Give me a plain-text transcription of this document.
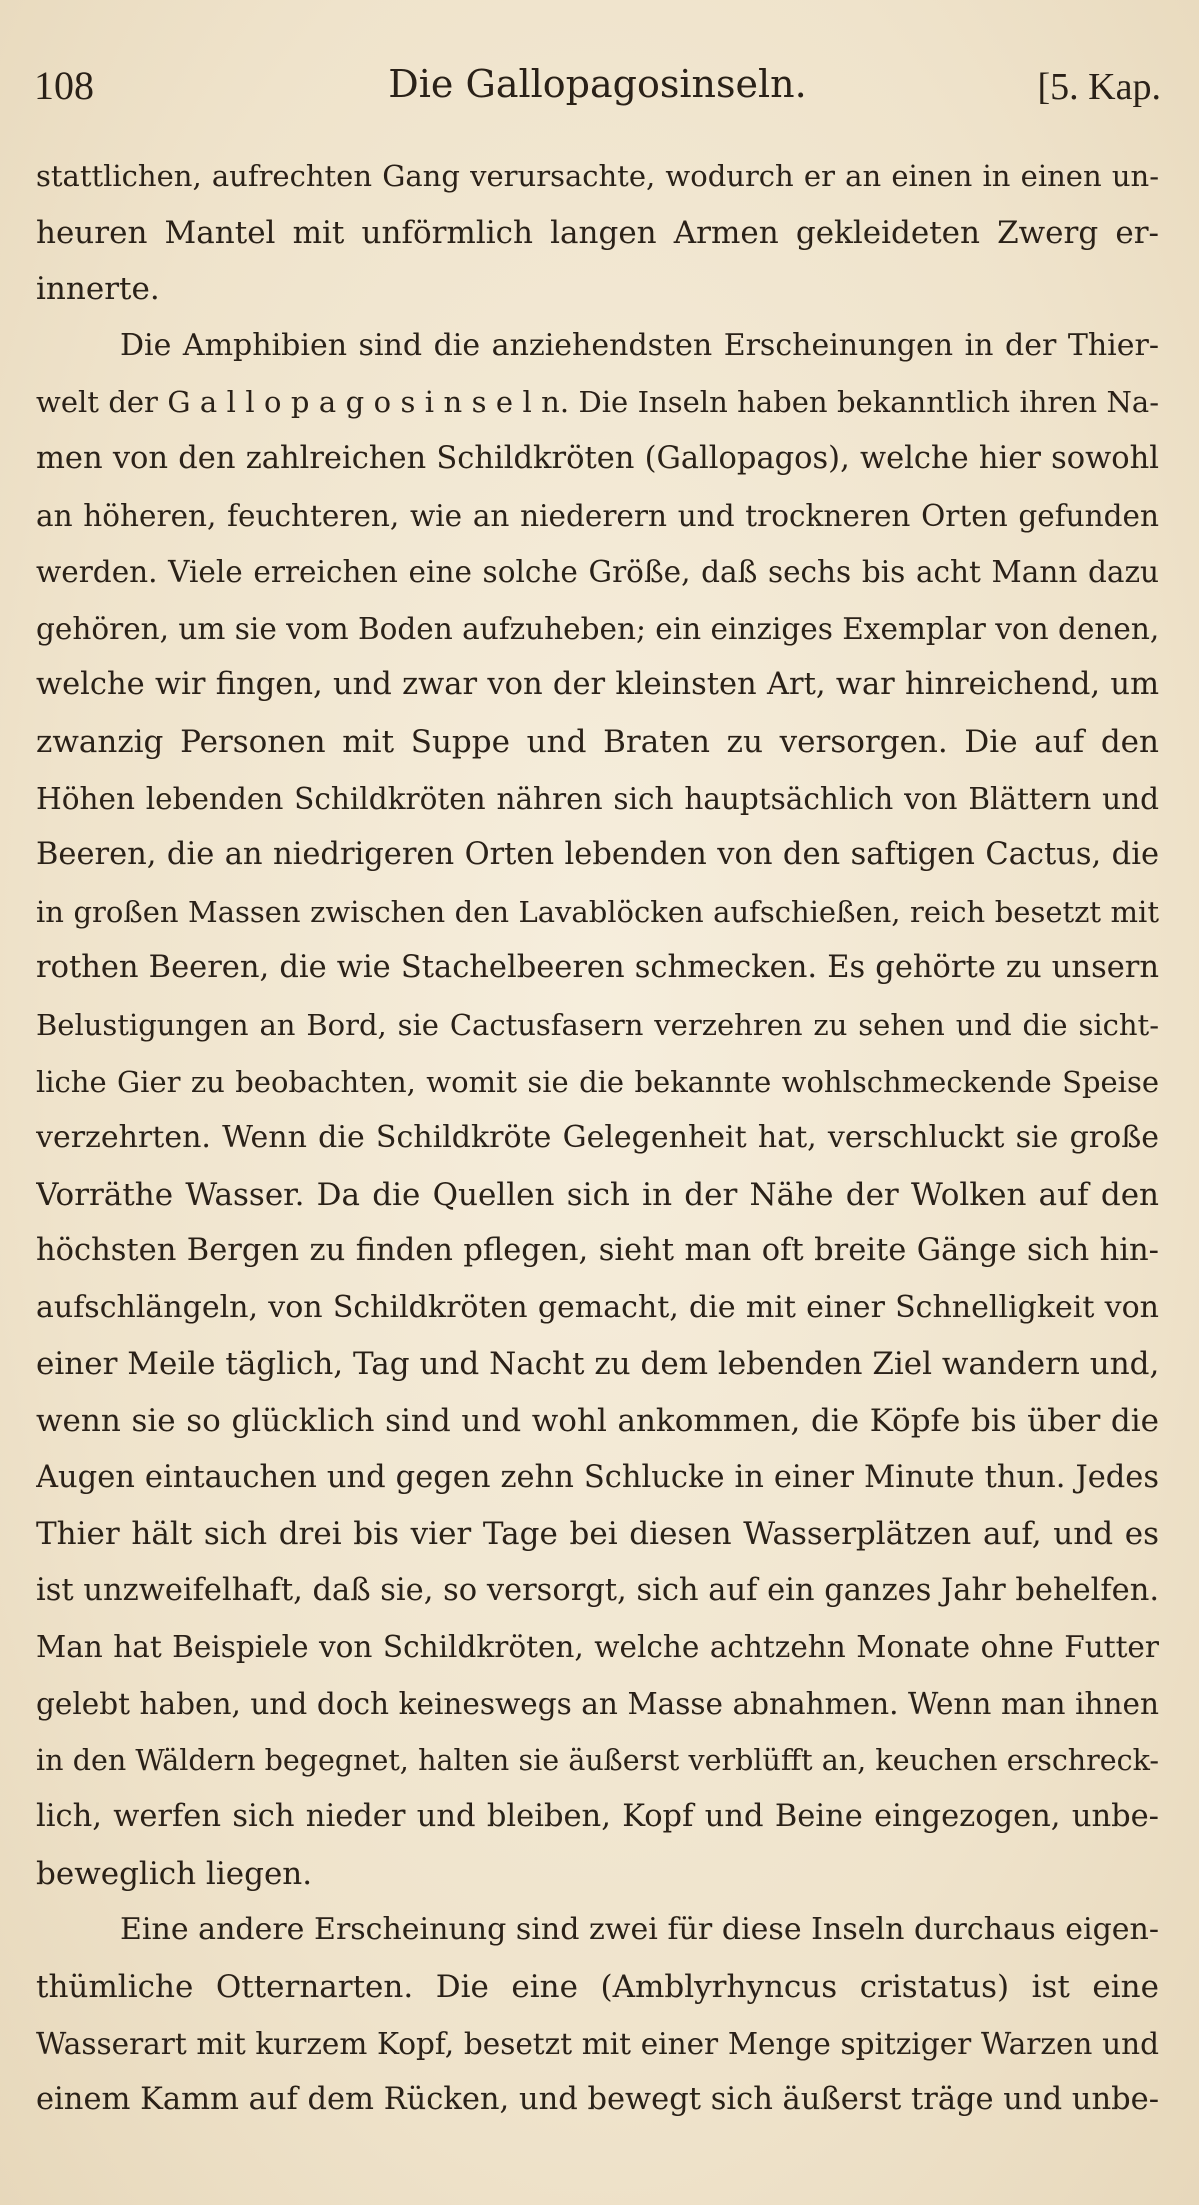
108	Die Gallopagosinseln.	[5. Kap.
stattlichen, aufrechten Gang verursachte, wodurch er an einen in einen un-
heuren Mantel mit unförmlich langen Armen gekleideten Zwerg er-
innerte.
Die Amphibien sind die anziehendsten Erscheinungen in der Thier-
welt der G a l l o p a g o s i n s e l n. Die Inseln haben bekanntlich ihren Na-
men von den zahlreichen Schildkröten (Gallopagos), welche hier sowohl
an höheren, feuchteren, wie an niederern und trockneren Orten gefunden
werden. Viele erreichen eine solche Größe, daß sechs bis acht Mann dazu
gehören, um sie vom Boden aufzuheben; ein einziges Exemplar von denen,
welche wir fingen, und zwar von der kleinsten Art, war hinreichend, um
zwanzig Personen mit Suppe und Braten zu versorgen. Die auf den
Höhen lebenden Schildkröten nähren sich hauptsächlich von Blättern und
Beeren, die an niedrigeren Orten lebenden von den saftigen Cactus, die
in großen Massen zwischen den Lavablöcken aufschießen, reich besetzt mit
rothen Beeren, die wie Stachelbeeren schmecken. Es gehörte zu unsern
Belustigungen an Bord, sie Cactusfasern verzehren zu sehen und die sicht-
liche Gier zu beobachten, womit sie die bekannte wohlschmeckende Speise
verzehrten. Wenn die Schildkröte Gelegenheit hat, verschluckt sie große
Vorräthe Wasser. Da die Quellen sich in der Nähe der Wolken auf den
höchsten Bergen zu finden pflegen, sieht man oft breite Gänge sich hin-
aufschlängeln, von Schildkröten gemacht, die mit einer Schnelligkeit von
einer Meile täglich, Tag und Nacht zu dem lebenden Ziel wandern und,
wenn sie so glücklich sind und wohl ankommen, die Köpfe bis über die
Augen eintauchen und gegen zehn Schlucke in einer Minute thun. Jedes
Thier hält sich drei bis vier Tage bei diesen Wasserplätzen auf, und es
ist unzweifelhaft, daß sie, so versorgt, sich auf ein ganzes Jahr behelfen.
Man hat Beispiele von Schildkröten, welche achtzehn Monate ohne Futter
gelebt haben, und doch keineswegs an Masse abnahmen. Wenn man ihnen
in den Wäldern begegnet, halten sie äußerst verblüfft an, keuchen erschreck-
lich, werfen sich nieder und bleiben, Kopf und Beine eingezogen, unbe-
beweglich liegen.
Eine andere Erscheinung sind zwei für diese Inseln durchaus eigen-
thümliche Otternarten. Die eine (Amblyrhyncus cristatus) ist eine
Wasserart mit kurzem Kopf, besetzt mit einer Menge spitziger Warzen und
einem Kamm auf dem Rücken, und bewegt sich äußerst träge und unbe-
